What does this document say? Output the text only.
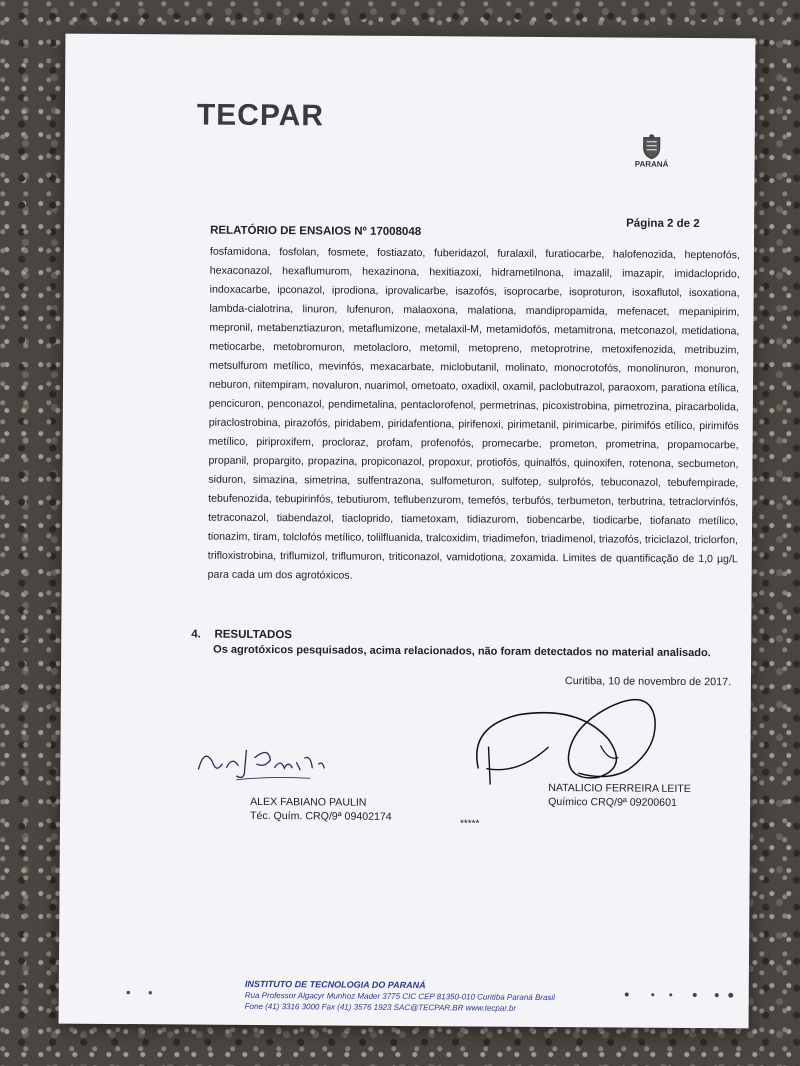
TECPAR
PARANÁ
RELATÓRIO DE ENSAIOS Nº 17008048
Página 2 de 2

fosfamidona, fosfolan, fosmete, fostiazato, fuberidazol, furalaxil, furatiocarbe, halofenozida, heptenofós, hexaconazol, hexaflumurom, hexazinona, hexitiazoxi, hidrametilnona, imazalil, imazapir, imidacloprido, indoxacarbe, ipconazol, iprodiona, iprovalicarbe, isazofós, isoprocarbe, isoproturon, isoxaflutol, isoxationa, lambda-cialotrina, linuron, lufenuron, malaoxona, malationa, mandipropamida, mefenacet, mepanipirim, mepronil, metabenztiazuron, metaflumizone, metalaxil-M, metamidofós, metamitrona, metconazol, metidationa, metiocarbe, metobromuron, metolacloro, metomil, metopreno, metoprotrine, metoxifenozida, metribuzim, metsulfurom metílico, mevinfós, mexacarbate, miclobutanil, molinato, monocrotofós, monolinuron, monuron, neburon, nitempiram, novaluron, nuarimol, ometoato, oxadixil, oxamil, paclobutrazol, paraoxom, parationa etílica, pencicuron, penconazol, pendimetalina, pentaclorofenol, permetrinas, picoxistrobina, pimetrozina, piracarbolida, piraclostrobina, pirazofós, piridabem, piridafentiona, pirifenoxi, pirimetanil, pirimicarbe, pirimifós etílico, pirimifós metílico, piriproxifem, procloraz, profam, profenofós, promecarbe, prometon, prometrina, propamocarbe, propanil, propargito, propazina, propiconazol, propoxur, protiofós, quinalfós, quinoxifen, rotenona, secbumeton, siduron, simazina, simetrina, sulfentrazona, sulfometuron, sulfotep, sulprofós, tebuconazol, tebufempirade, tebufenozida, tebupirinfós, tebutiurom, teflubenzurom, temefós, terbufós, terbumeton, terbutrina, tetraclorvinfós, tetraconazol, tiabendazol, tiacloprido, tiametoxam, tidiazurom, tiobencarbe, tiodicarbe, tiofanato metílico, tionazim, tiram, tolclofós metílico, tolilfluanida, tralcoxidim, triadimefon, triadimenol, triazofós, triciclazol, triclorfon, trifloxistrobina, triflumizol, triflumuron, triticonazol, vamidotiona, zoxamida. Limites de quantificação de 1,0 µg/L para cada um dos agrotóxicos.

4. RESULTADOS

Os agrotóxicos pesquisados, acima relacionados, não foram detectados no material analisado.

Curitiba, 10 de novembro de 2017.
ALEX FABIANO PAULIN
Téc. Quím. CRQ/9ª 09402174
NATALICIO FERREIRA LEITE
Químico CRQ/9ª 09200601
*****
INSTITUTO DE TECNOLOGIA DO PARANÁ
Rua Professor Algacyr Munhoz Mader 3775 CIC CEP 81350-010 Curitiba Paraná Brasil
Fone (41) 3316 3000 Fax (41) 3576 1923 SAC@TECPAR.BR www.tecpar.br
